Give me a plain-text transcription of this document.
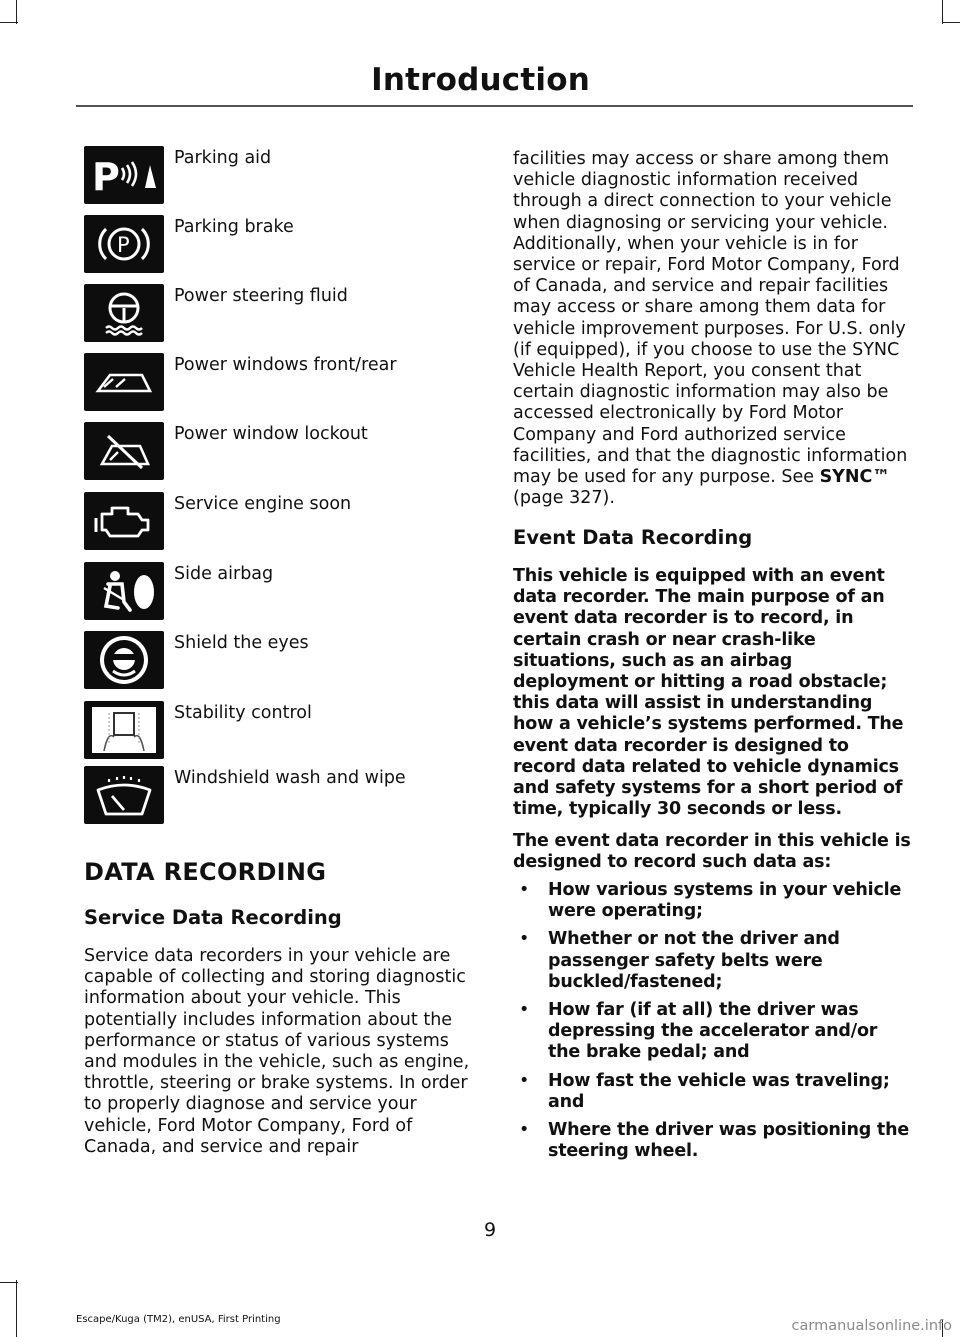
Introduction
P	Parking aid
P
Parking brake
Power steering fluid
Power windows front/rear
Power window lockout
Service engine soon
Side airbag
Shield the eyes
Stability control
Windshield wash and wipe
DATA RECORDING
Service Data Recording
Service data recorders in your vehicle are capable of collecting and storing diagnostic information about your vehicle. This potentially includes information about the performance or status of various systems and modules in the vehicle, such as engine, throttle, steering or brake systems. In order to properly diagnose and service your vehicle, Ford Motor Company, Ford of Canada, and service and repair
facilities may access or share among them vehicle diagnostic information received through a direct connection to your vehicle when diagnosing or servicing your vehicle. Additionally, when your vehicle is in for service or repair, Ford Motor Company, Ford of Canada, and service and repair facilities may access or share among them data for vehicle improvement purposes. For U.S. only (if equipped), if you choose to use the SYNC Vehicle Health Report, you consent that certain diagnostic information may also be accessed electronically by Ford Motor Company and Ford authorized service facilities, and that the diagnostic information may be used for any purpose. See SYNC™ (page 327).
Event Data Recording
This vehicle is equipped with an event data recorder. The main purpose of an event data recorder is to record, in certain crash or near crash-like situations, such as an airbag deployment or hitting a road obstacle; this data will assist in understanding how a vehicle’s systems performed. The event data recorder is designed to record data related to vehicle dynamics and safety systems for a short period of time, typically 30 seconds or less.
The event data recorder in this vehicle is designed to record such data as:
• How various systems in your vehicle were operating;
• Whether or not the driver and passenger safety belts were buckled/fastened;
• How far (if at all) the driver was depressing the accelerator and/or the brake pedal; and
• How fast the vehicle was traveling; and
• Where the driver was positioning the steering wheel.
9
Escape/Kuga (TM2), enUSA, First Printing	carmanualsonline.info
